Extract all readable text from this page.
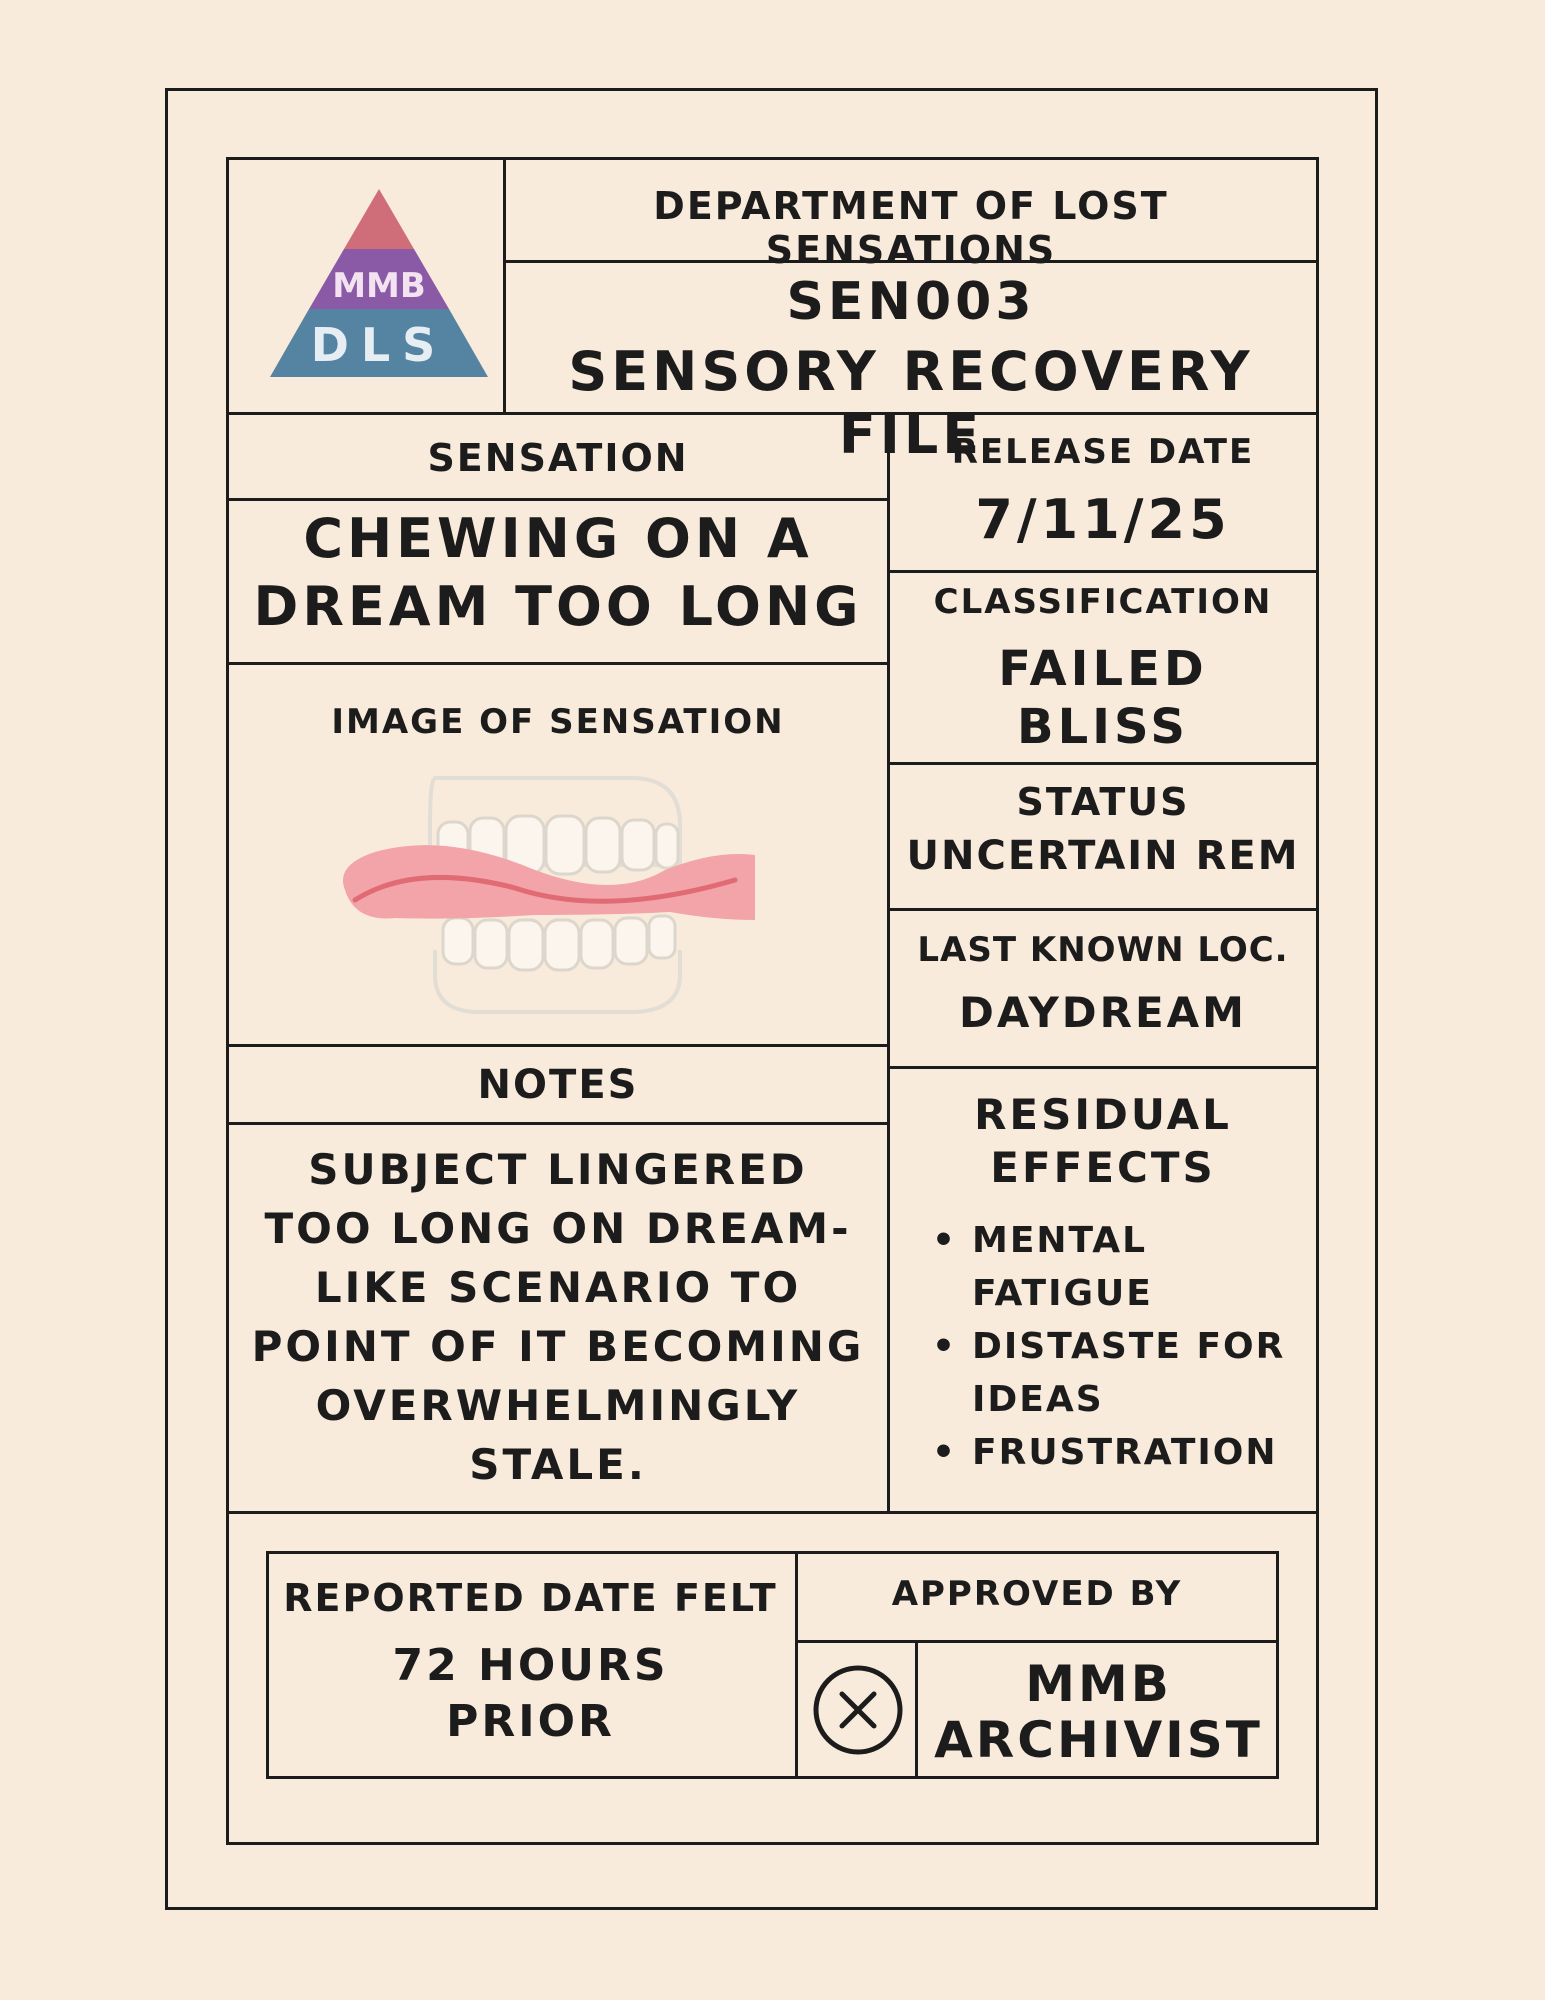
MMB
DLS
DEPARTMENT OF LOST SENSATIONS
SEN003
SENSORY RECOVERY FILE
SENSATION
CHEWING ON A
DREAM TOO LONG
IMAGE OF SENSATION
NOTES
SUBJECT LINGERED
TOO LONG ON DREAM-
LIKE SCENARIO TO
POINT OF IT BECOMING
OVERWHELMINGLY
STALE.
RELEASE DATE
7/11/25
CLASSIFICATION
FAILED
BLISS
STATUS
UNCERTAIN REM
LAST KNOWN LOC.
DAYDREAM
RESIDUAL
EFFECTS
• MENTAL
FATIGUE
• DISTASTE FOR
IDEAS
• FRUSTRATION
REPORTED DATE FELT
72 HOURS
PRIOR
APPROVED BY
MMB
ARCHIVIST
